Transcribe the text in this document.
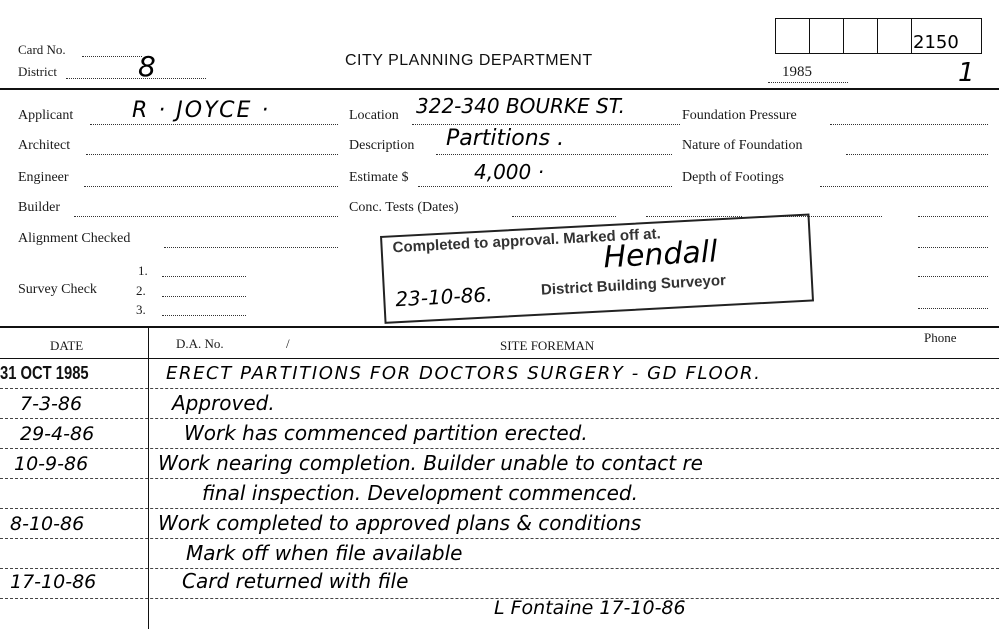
Card No.
District	8	CITY PLANNING DEPARTMENT
1985
2150
1
Applicant	R · JOYCE ·
Architect
Engineer
Builder
Alignment Checked
1.
Survey Check	2.
3.
Location 322-340 BOURKE ST.
Description Partitions .
Estimate $	4,000 ·
Conc. Tests (Dates)
Foundation Pressure
Nature of Foundation
Depth of Footings
Completed to approval. Marked off at.
Hendall
23-10-86.	District Building Surveyor
DATE	D.A. No.	/	SITE FOREMAN
Phone
31 OCT 1985	ERECT PARTITIONS FOR DOCTORS SURGERY - GD FLOOR.
7-3-86	Approved.
29-4-86	Work has commenced partition erected.
10-9-86	Work nearing completion. Builder unable to contact re
final inspection. Development commenced.
8-10-86	Work completed to approved plans & conditions
Mark off when file available
17-10-86	Card returned with file
L Fontaine 17-10-86
